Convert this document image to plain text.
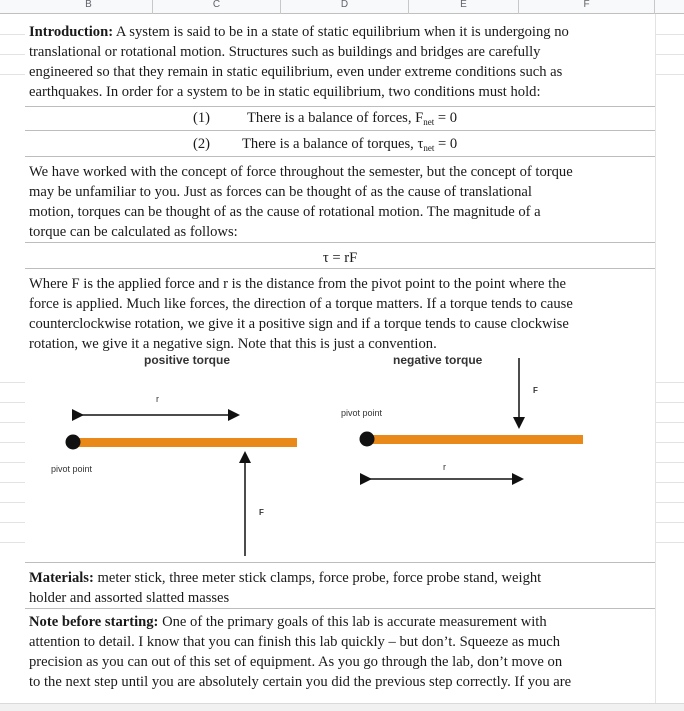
B	C	D	E	F
Introduction: A system is said to be in a state of static equilibrium when it is undergoing no
translational or rotational motion. Structures such as buildings and bridges are carefully
engineered so that they remain in static equilibrium, even under extreme conditions such as
earthquakes. In order for a system to be in static equilibrium, two conditions must hold:
(1)	There is a balance of forces, $F_{net} = 0$
(2) There is a balance of torques, $\tau_{net} = 0$
We have worked with the concept of force throughout the semester, but the concept of torque
may be unfamiliar to you. Just as forces can be thought of as the cause of translational
motion, torques can be thought of as the cause of rotational motion. The magnitude of a
torque can be calculated as follows:
τ = rF
Where F is the applied force and r is the distance from the pivot point to the point where the
force is applied. Much like forces, the direction of a torque matters. If a torque tends to cause
counterclockwise rotation, we give it a positive sign and if a torque tends to cause clockwise
rotation, we give it a negative sign. Note that this is just a convention.
Materials: meter stick, three meter stick clamps, force probe, force probe stand, weight
holder and assorted slatted masses
Note before starting: One of the primary goals of this lab is accurate measurement with
attention to detail. I know that you can finish this lab quickly – but don’t. Squeeze as much
precision as you can out of this set of equipment. As you go through the lab, don’t move on
to the next step until you are absolutely certain you did the previous step correctly. If you are
positive torque	negative torque
r
pivot point
F
pivot point
F
r
